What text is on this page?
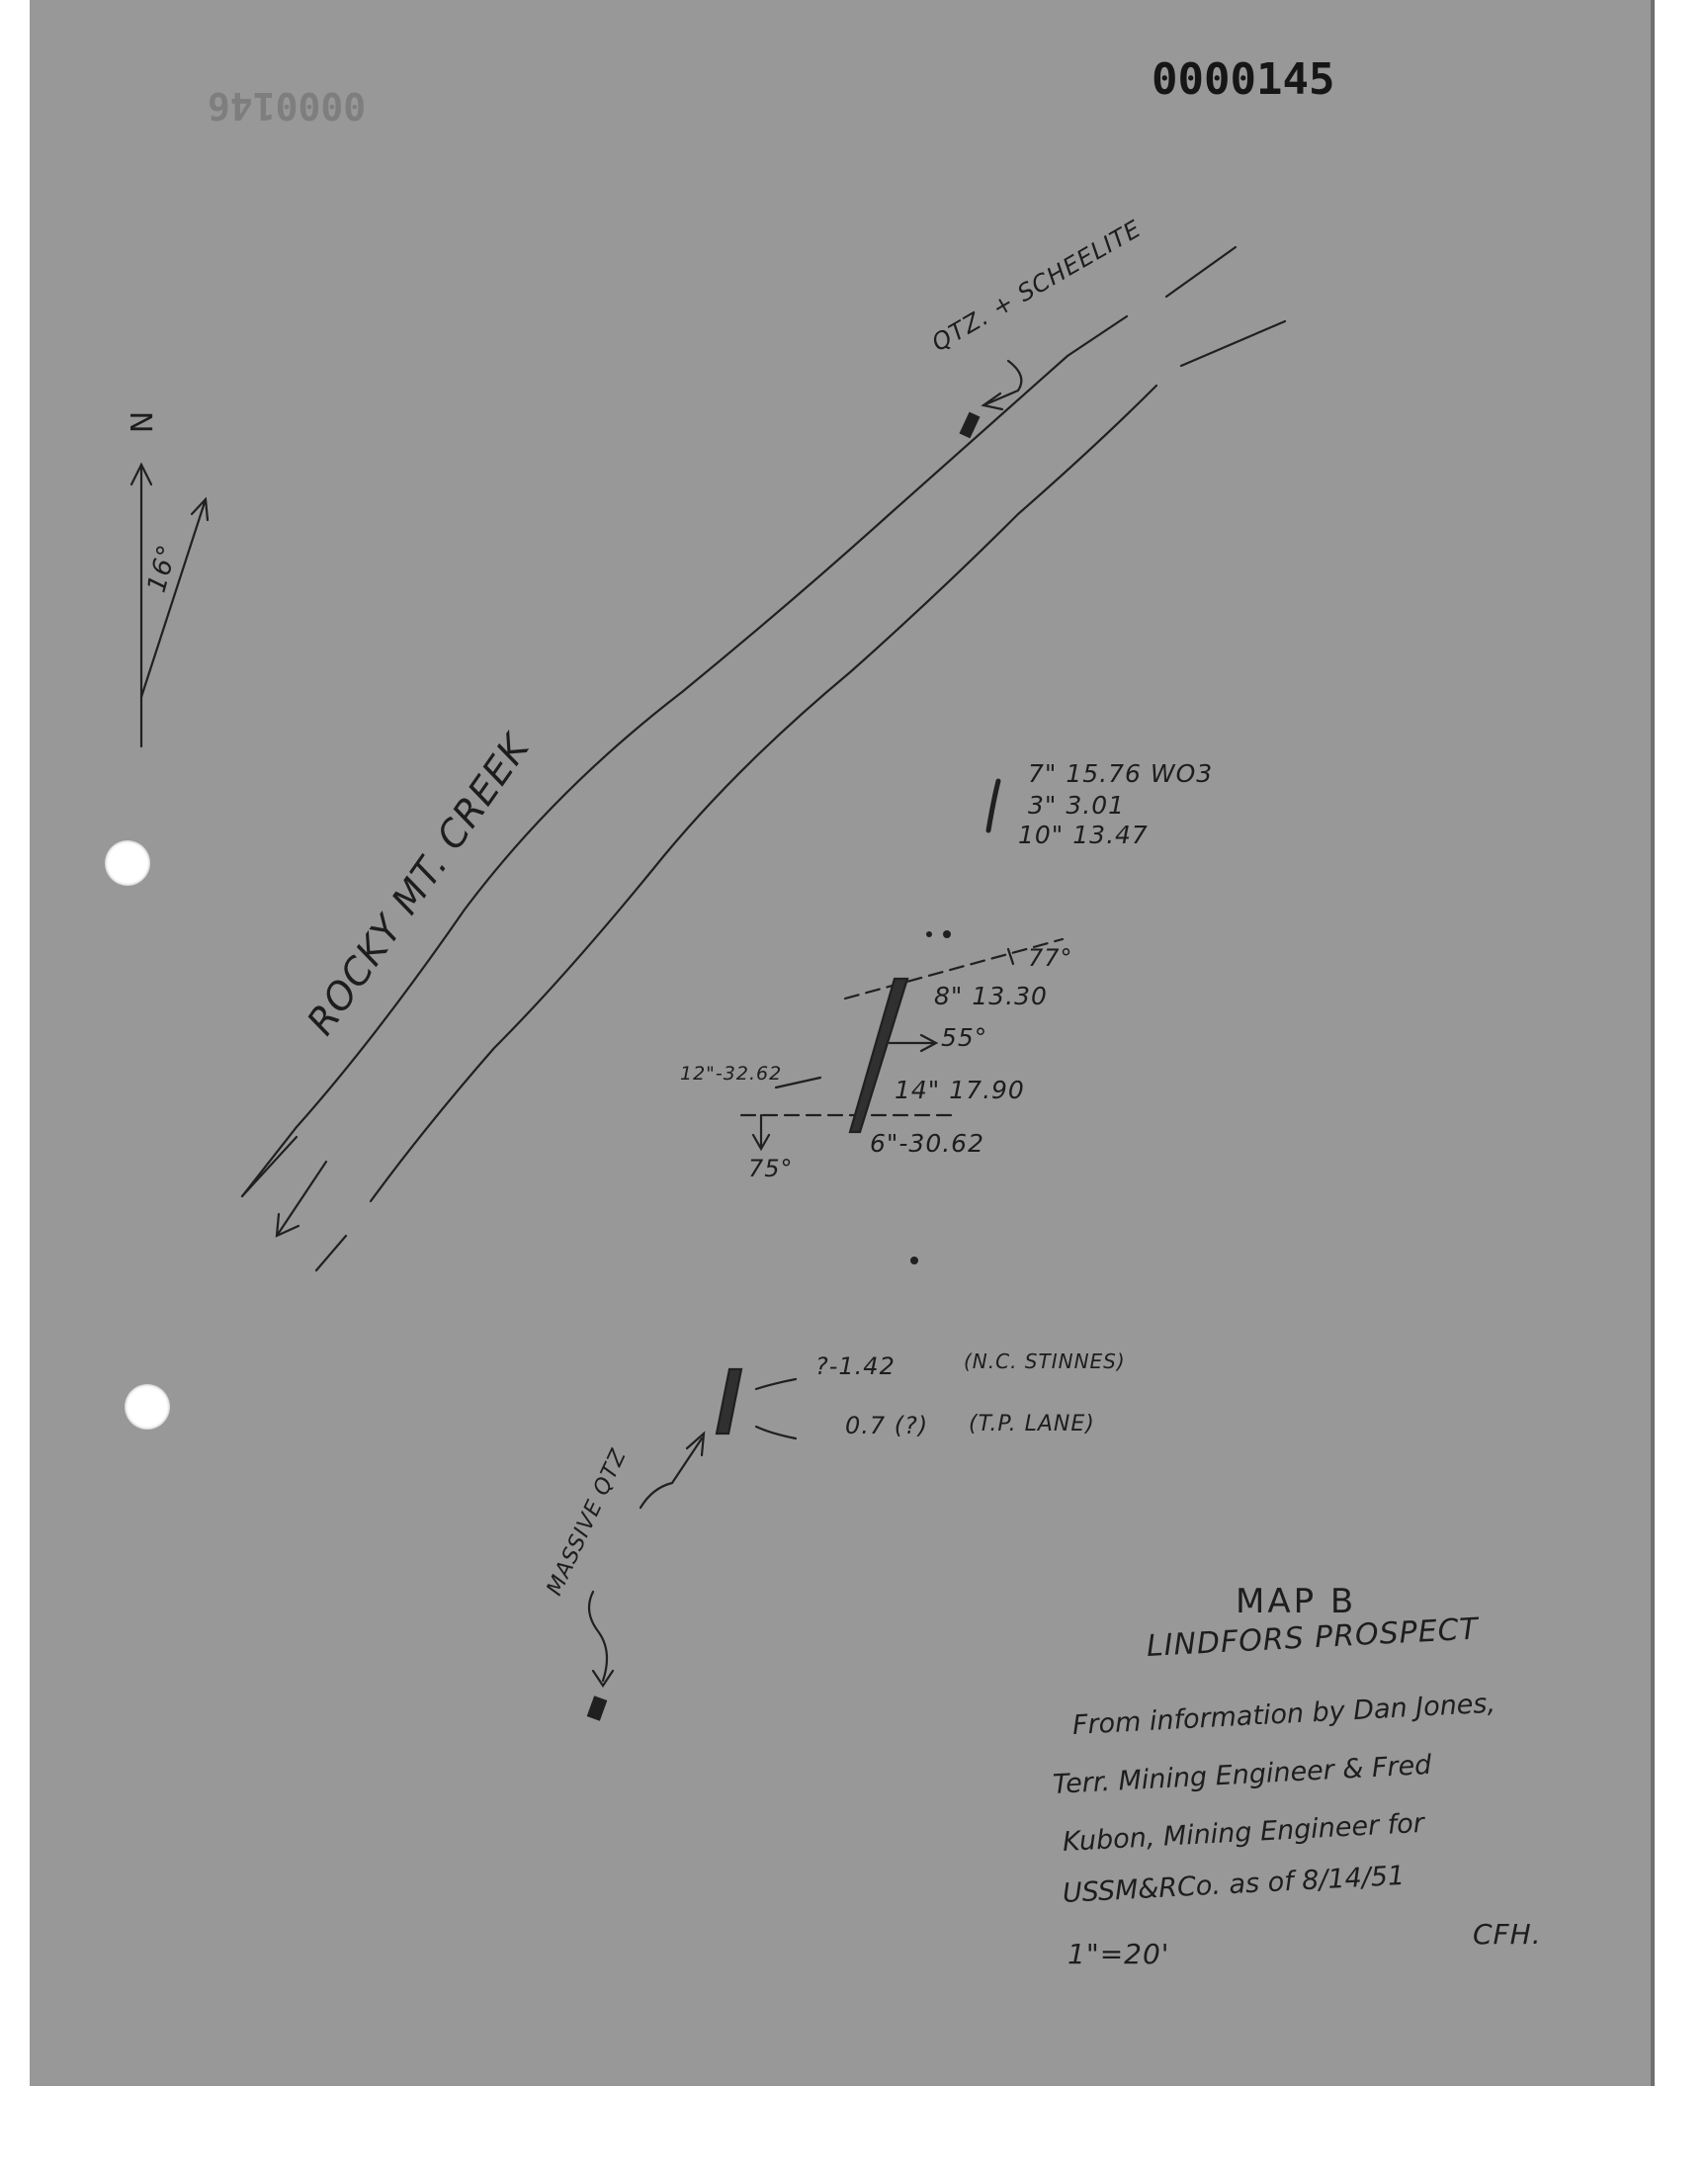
0000145
0000146
N
16°
ROCKY MT. CREEK
QTZ. + SCHEELITE
7" 15.76 WO3
3" 3.01
10" 13.47
77°
8" 13.30
55°
12"-32.62
14" 17.90
6"-30.62
75°
?-1.42	(N.C. STINNES)
0.7 (?) (T.P. LANE)
MASSIVE QTZ
MAP B
LINDFORS PROSPECT
From information by Dan Jones,
Terr. Mining Engineer & Fred
Kubon, Mining Engineer for
USSM&RCo. as of 8/14/51
1"=20'
CFH.
